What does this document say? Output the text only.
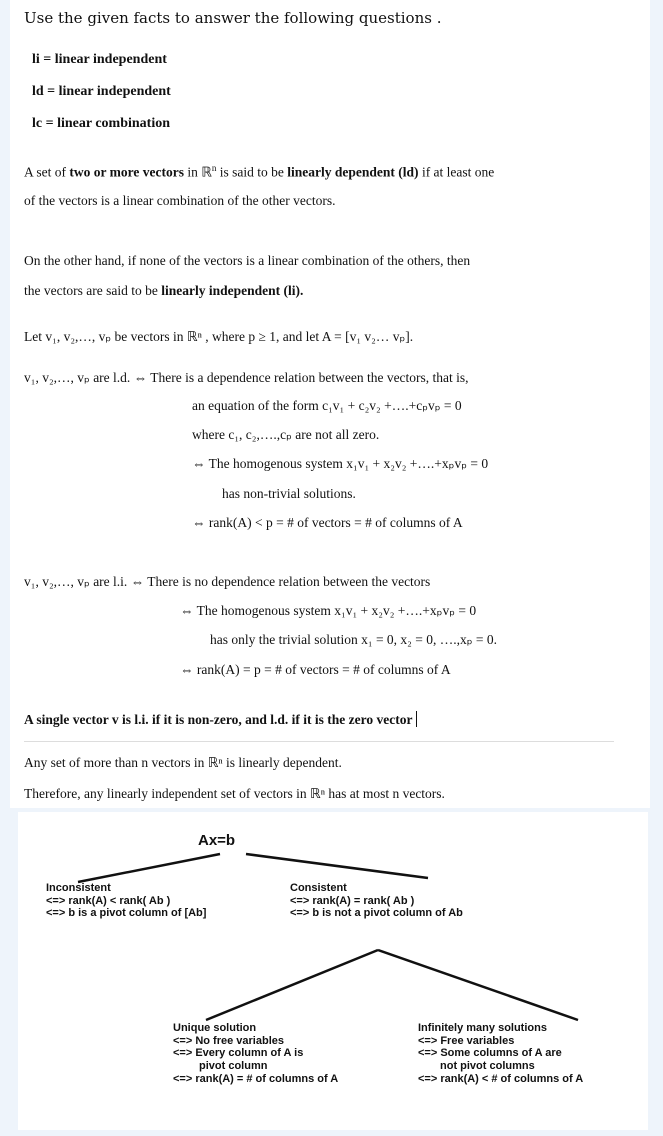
Use the given facts to answer the following questions .
li = linear independent
ld = linear independent
lc = linear combination
A set of two or more vectors in ℝ$^n$ is said to be linearly dependent (ld) if at least one
of the vectors is a linear combination of the other vectors.
On the other hand, if none of the vectors is a linear combination of the others, then
the vectors are said to be linearly independent (li).
Let v₁, v₂,…, vₚ be vectors in ℝⁿ , where p ≥ 1, and let A = [v₁ v₂… vₚ].
v₁, v₂,…, vₚ are l.d. ⇔ There is a dependence relation between the vectors, that is,
an equation of the form c₁v₁ + c₂v₂ +….+cₚvₚ = 0
where c₁, c₂,….,cₚ are not all zero.
⇔ The homogenous system x₁v₁ + x₂v₂ +….+xₚvₚ = 0
has non-trivial solutions.
⇔ rank(A) < p = # of vectors = # of columns of A
v₁, v₂,…, vₚ are l.i. ⇔ There is no dependence relation between the vectors
⇔ The homogenous system x₁v₁ + x₂v₂ +….+xₚvₚ = 0
has only the trivial solution x₁ = 0, x₂ = 0, ….,xₚ = 0.
⇔ rank(A) = p = # of vectors = # of columns of A
A single vector v is l.i. if it is non-zero, and l.d. if it is the zero vector
Any set of more than n vectors in ℝⁿ is linearly dependent.
Therefore, any linearly independent set of vectors in ℝⁿ has at most n vectors.
Ax=b
Inconsistent
<=> rank(A) < rank( Ab )
<=> b is a pivot column of [Ab]
Consistent
<=> rank(A) = rank( Ab )
<=> b is not a pivot column of Ab
Unique solution
<=> No free variables
<=> Every column of A is
pivot column
<=> rank(A) = # of columns of A
Infinitely many solutions
<=> Free variables
<=> Some columns of A are
not pivot columns
<=> rank(A) < # of columns of A
